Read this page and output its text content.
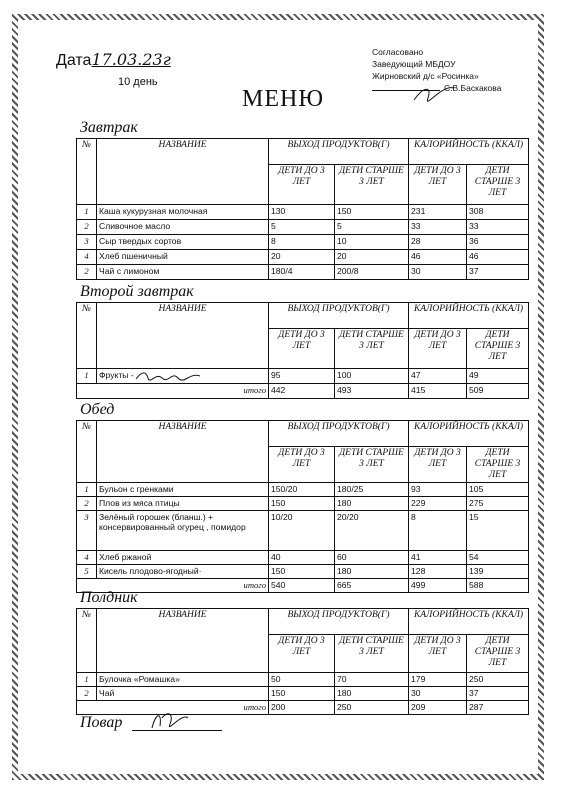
Дата17.03.23г
10 день
Согласовано
Заведующий МБДОУ
Жирновский д/с «Росинка»
С.В.Баскакова
МЕНЮ
Завтрак
№	НАЗВАНИЕ	ВЫХОД ПРОДУКТОВ(Г)		КАЛОРИЙНОСТЬ (ККАЛ)	
		ДЕТИ ДО 3 ЛЕТ	ДЕТИ СТАРШЕ 3 ЛЕТ	ДЕТИ ДО 3 ЛЕТ	ДЕТИ СТАРШЕ 3 ЛЕТ
1	Каша кукурузная молочная	130	150	231	308
2	Сливочное масло	5	5	33	33
3	Сыр твердых сортов	8	10	28	36
4	Хлеб пшеничный	20	20	46	46
2	Чай с лимоном	180/4	200/8	30	37
Второй завтрак
№	НАЗВАНИЕ	ВЫХОД ПРОДУКТОВ(Г)		КАЛОРИЙНОСТЬ (ККАЛ)	
		ДЕТИ ДО 3 ЛЕТ	ДЕТИ СТАРШЕ 3 ЛЕТ	ДЕТИ ДО 3 ЛЕТ	ДЕТИ СТАРШЕ 3 ЛЕТ
1	Фрукты -	95	100	47	49
итого		442	493	415	509
Обед
№	НАЗВАНИЕ	ВЫХОД ПРОДУКТОВ(Г)		КАЛОРИЙНОСТЬ (ККАЛ)	
		ДЕТИ ДО 3 ЛЕТ	ДЕТИ СТАРШЕ 3 ЛЕТ	ДЕТИ ДО 3 ЛЕТ	ДЕТИ СТАРШЕ 3 ЛЕТ
1	Бульон с гренками	150/20	180/25	93	105
2	Плов из мяса птицы	150	180	229	275
3	Зелёный горошек (бланш.) + консервированный огурец , помидор	10/20	20/20	8	15
4	Хлеб ржаной	40	60	41	54
5	Кисель плодово-ягодный·	150	180	128	139
итого		540	665	499	588
Полдник
№	НАЗВАНИЕ	ВЫХОД ПРОДУКТОВ(Г)		КАЛОРИЙНОСТЬ (ККАЛ)	
		ДЕТИ ДО 3 ЛЕТ	ДЕТИ СТАРШЕ 3 ЛЕТ	ДЕТИ ДО 3 ЛЕТ	ДЕТИ СТАРШЕ 3 ЛЕТ
1	Булочка «Ромашка»	50	70	179	250
2	Чай	150	180	30	37
итого		200	250	209	287
Повар
